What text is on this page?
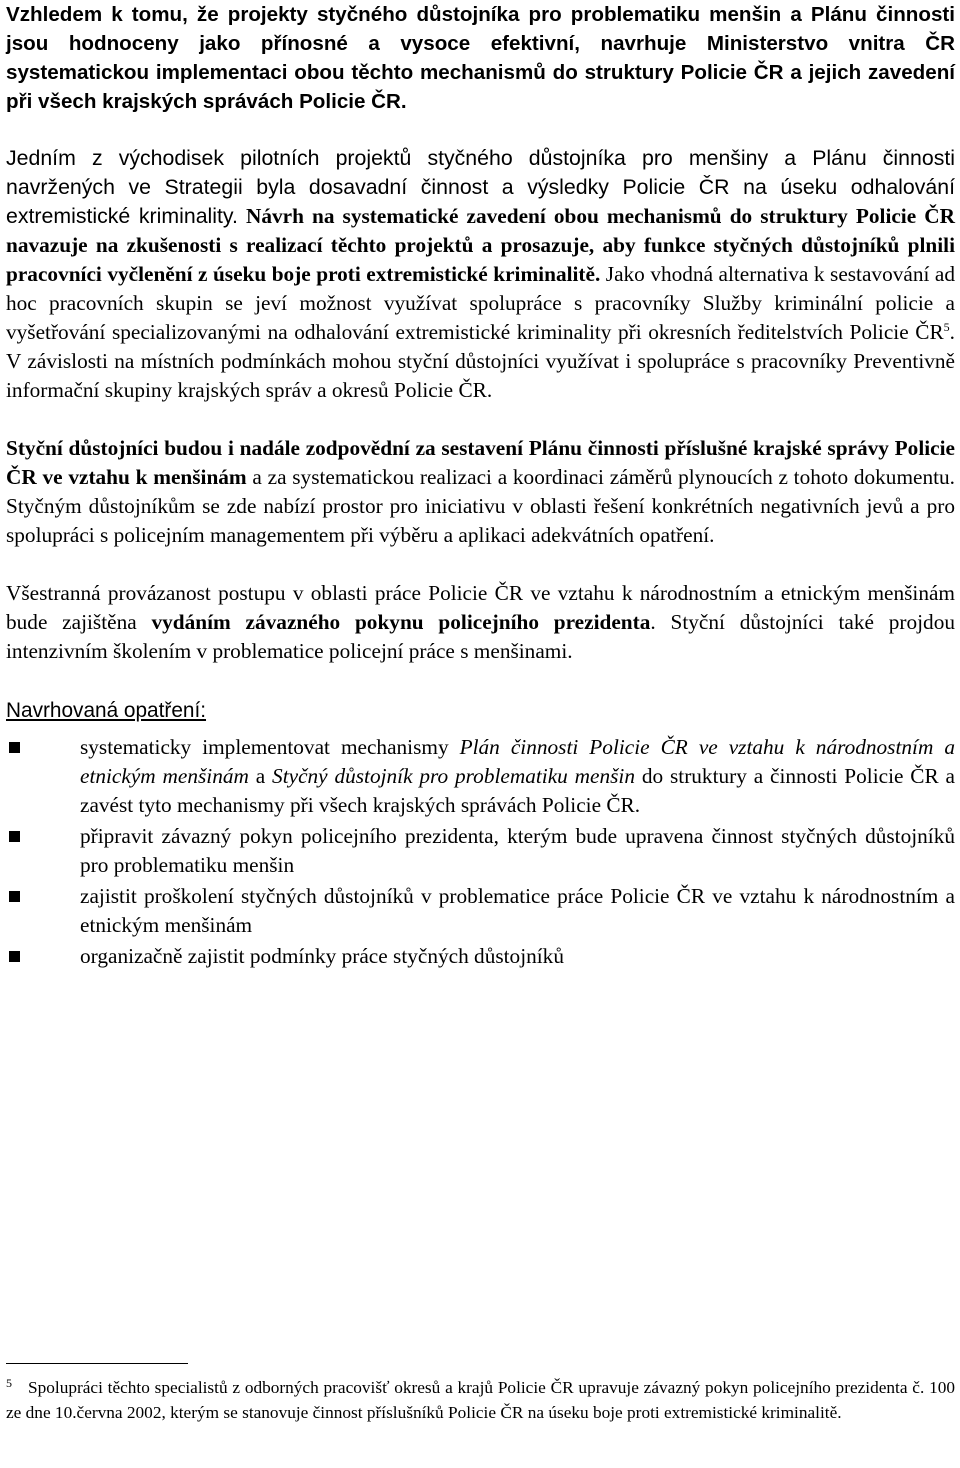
Vzhledem k tomu, že projekty styčného důstojníka pro problematiku menšin a Plánu činnosti jsou hodnoceny jako přínosné a vysoce efektivní, navrhuje Ministerstvo vnitra ČR systematickou implementaci obou těchto mechanismů do struktury Policie ČR a jejich zavedení při všech krajských správách Policie ČR.

Jedním z východisek pilotních projektů styčného důstojníka pro menšiny a Plánu činnosti navržených ve Strategii byla dosavadní činnost a výsledky Policie ČR na úseku odhalování extremistické kriminality. Návrh na systematické zavedení obou mechanismů do struktury Policie ČR navazuje na zkušenosti s realizací těchto projektů a prosazuje, aby funkce styčných důstojníků plnili pracovníci vyčlenění z úseku boje proti extremistické kriminalitě. Jako vhodná alternativa k sestavování ad hoc pracovních skupin se jeví možnost využívat spolupráce s pracovníky Služby kriminální policie a vyšetřování specializovanými na odhalování extremistické kriminality při okresních ředitelstvích Policie $ČR^5$. V závislosti na místních podmínkách mohou styční důstojníci využívat i spolupráce s pracovníky Preventivně informační skupiny krajských správ a okresů Policie ČR.

Styční důstojníci budou i nadále zodpovědní za sestavení Plánu činnosti příslušné krajské správy Policie ČR ve vztahu k menšinám a za systematickou realizaci a koordinaci záměrů plynoucích z tohoto dokumentu. Styčným důstojníkům se zde nabízí prostor pro iniciativu v oblasti řešení konkrétních negativních jevů a pro spolupráci s policejním managementem při výběru a aplikaci adekvátních opatření.

Všestranná provázanost postupu v oblasti práce Policie ČR ve vztahu k národnostním a etnickým menšinám bude zajištěna vydáním závazného pokynu policejního prezidenta. Styční důstojníci také projdou intenzivním školením v problematice policejní práce s menšinami.

Navrhovaná opatření:

systematicky implementovat mechanismy Plán činnosti Policie ČR ve vztahu k národnostním a etnickým menšinám a Styčný důstojník pro problematiku menšin do struktury a činnosti Policie ČR a zavést tyto mechanismy při všech krajských správách Policie ČR.
připravit závazný pokyn policejního prezidenta, kterým bude upravena činnost styčných důstojníků pro problematiku menšin
zajistit proškolení styčných důstojníků v problematice práce Policie ČR ve vztahu k národnostním a etnickým menšinám
organizačně zajistit podmínky práce styčných důstojníků

5 Spolupráci těchto specialistů z odborných pracovišť okresů a krajů Policie ČR upravuje závazný pokyn policejního prezidenta č. 100 ze dne 10.června 2002, kterým se stanovuje činnost příslušníků Policie ČR na úseku boje proti extremistické kriminalitě.
